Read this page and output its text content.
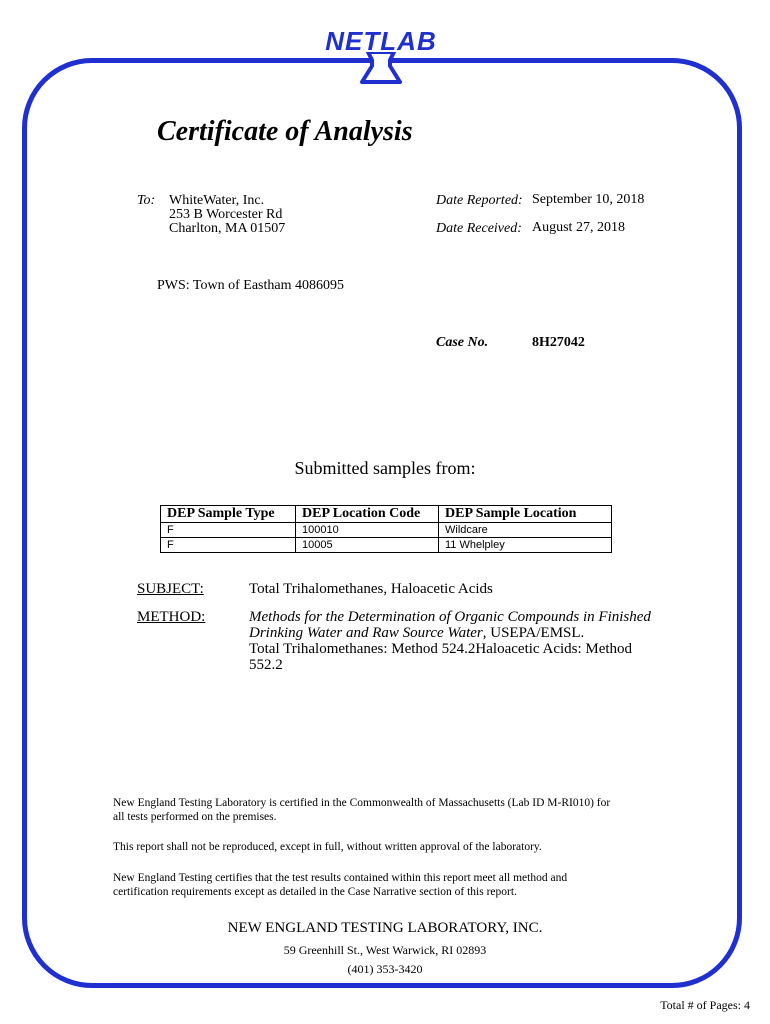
NETLAB
Certificate of Analysis
To: WhiteWater, Inc.
253 B Worcester Rd
Charlton, MA 01507
Date Reported: September 10, 2018
Date Received: August 27, 2018
PWS: Town of Eastham 4086095
Case No.	8H27042
Submitted samples from:
DEP Sample Type	DEP Location Code	DEP Sample Location
F	100010	Wildcare
F	10005	11 Whelpley
SUBJECT:	Total Trihalomethanes, Haloacetic Acids
METHOD:	Methods for the Determination of Organic Compounds in Finished
Drinking Water and Raw Source Water, USEPA/EMSL.
Total Trihalomethanes: Method 524.2Haloacetic Acids: Method
552.2
New England Testing Laboratory is certified in the Commonwealth of Massachusetts (Lab ID M-RI010) for
all tests performed on the premises.
This report shall not be reproduced, except in full, without written approval of the laboratory.
New England Testing certifies that the test results contained within this report meet all method and
certification requirements except as detailed in the Case Narrative section of this report.
NEW ENGLAND TESTING LABORATORY, INC.
59 Greenhill St., West Warwick, RI 02893
(401) 353-3420
Total # of Pages: 4
